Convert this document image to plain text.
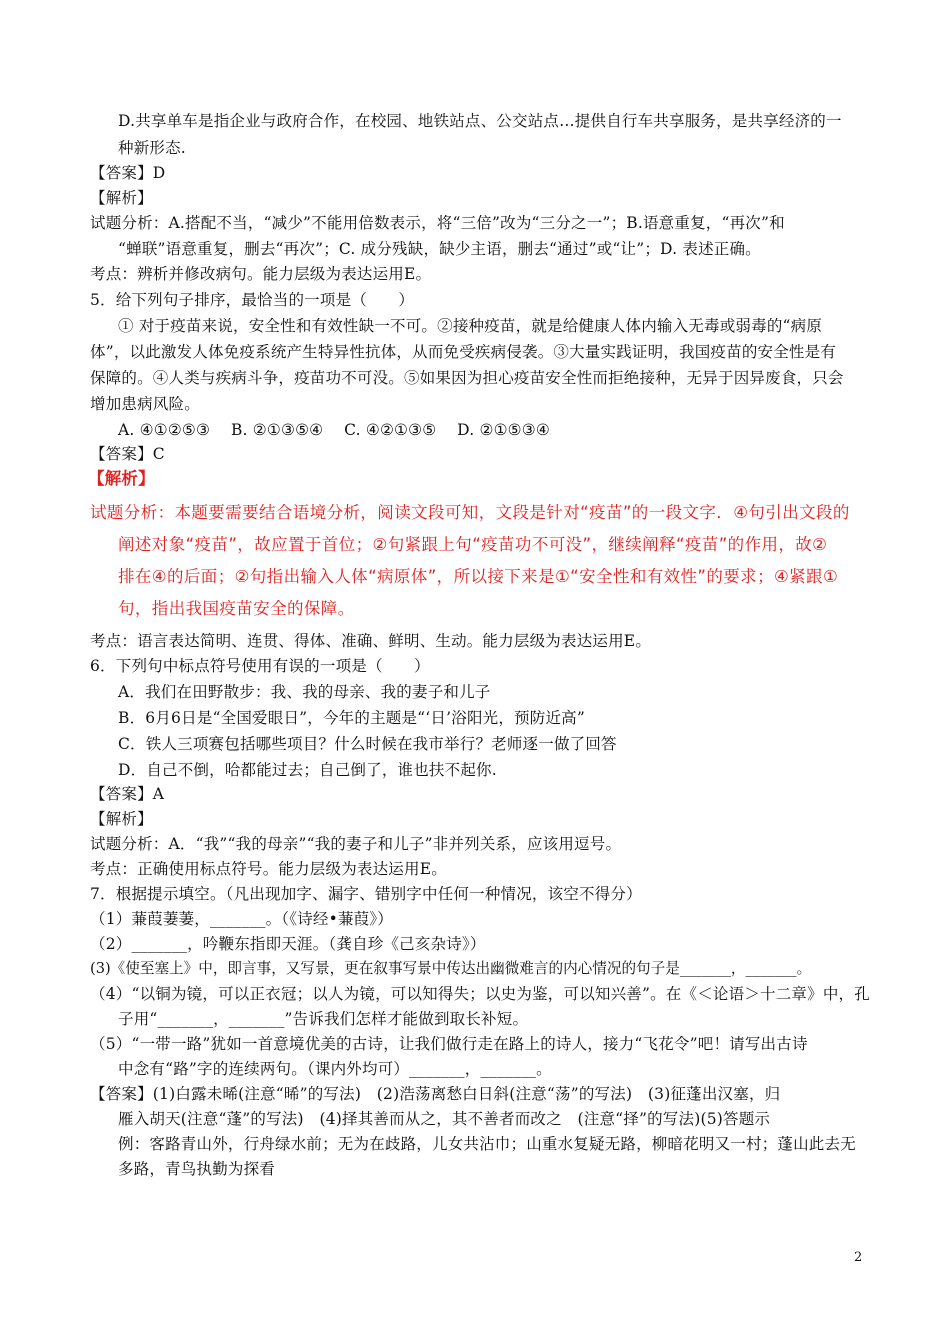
D.共享单车是指企业与政府合作，在校园、地铁站点、公交站点…提供自行车共享服务，是共享经济的一
种新形态.
【答案】D
【解析】
试题分析：A.搭配不当，“减少”不能用倍数表示，将“三倍”改为“三分之一”；B.语意重复，“再次”和
“蝉联”语意重复，删去“再次”；C. 成分残缺，缺少主语，删去“通过”或“让”；D. 表述正确。
考点：辨析并修改病句。能力层级为表达运用E。
5．给下列句子排序，最恰当的一项是（　　）
① 对于疫苗来说，安全性和有效性缺一不可。②接种疫苗，就是给健康人体内输入无毒或弱毒的“病原
体”，以此激发人体免疫系统产生特异性抗体，从而免受疾病侵袭。③大量实践证明，我国疫苗的安全性是有
保障的。④人类与疾病斗争，疫苗功不可没。⑤如果因为担心疫苗安全性而拒绝接种，无异于因异废食，只会
增加患病风险。
A. ④①②⑤③　 B. ②①③⑤④　 C. ④②①③⑤　 D. ②①⑤③④
【答案】C
【解析】
试题分析：本题要需要结合语境分析，阅读文段可知，文段是针对“疫苗”的一段文字．④句引出文段的
阐述对象“疫苗”，故应置于首位；②句紧跟上句“疫苗功不可没”，继续阐释“疫苗”的作用，故②
排在④的后面；②句指出输入人体“病原体”，所以接下来是①“安全性和有效性”的要求；④紧跟①
句，指出我国疫苗安全的保障。
考点：语言表达简明、连贯、得体、准确、鲜明、生动。能力层级为表达运用E。
6．下列句中标点符号使用有误的一项是（　　）
A．我们在田野散步：我、我的母亲、我的妻子和儿子
B．6月6日是“全国爱眼日”，今年的主题是“‘日’浴阳光，预防近高”
C．铁人三项赛包括哪些项目？什么时候在我市举行？老师逐一做了回答
D．自己不倒，哈都能过去；自己倒了，谁也扶不起你.
【答案】A
【解析】
试题分析：A．“我”“我的母亲”“我的妻子和儿子”非并列关系，应该用逗号。
考点：正确使用标点符号。能力层级为表达运用E。
7．根据提示填空。（凡出现加字、漏字、错别字中任何一种情况，该空不得分）
（1）蒹葭萋萋，_______。（《诗经•蒹葭》）
（2）_______，吟鞭东指即天涯。（龚自珍《己亥杂诗》）
(3)《使至塞上》中，即言事，又写景，更在叙事写景中传达出幽微难言的内心情况的句子是_______，_______。
（4）“以铜为镜，可以正衣冠；以人为镜，可以知得失；以史为鉴，可以知兴善”。在《＜论语＞十二章》中，孔
子用“_______，_______”告诉我们怎样才能做到取长补短。
（5）“一带一路”犹如一首意境优美的古诗，让我们做行走在路上的诗人，接力“飞花令”吧！请写出古诗
中念有“路”字的连续两句。（课内外均可）_______，_______。
【答案】(1)白露未晞(注意“晞”的写法)　(2)浩荡离愁白日斜(注意“荡”的写法)　(3)征蓬出汉塞，归
雁入胡天(注意“蓬”的写法)　(4)择其善而从之，其不善者而改之　(注意“择”的写法)(5)答题示
例：客路青山外，行舟绿水前；无为在歧路，儿女共沾巾；山重水复疑无路，柳暗花明又一村；蓬山此去无
多路，青鸟执勤为探看
2
